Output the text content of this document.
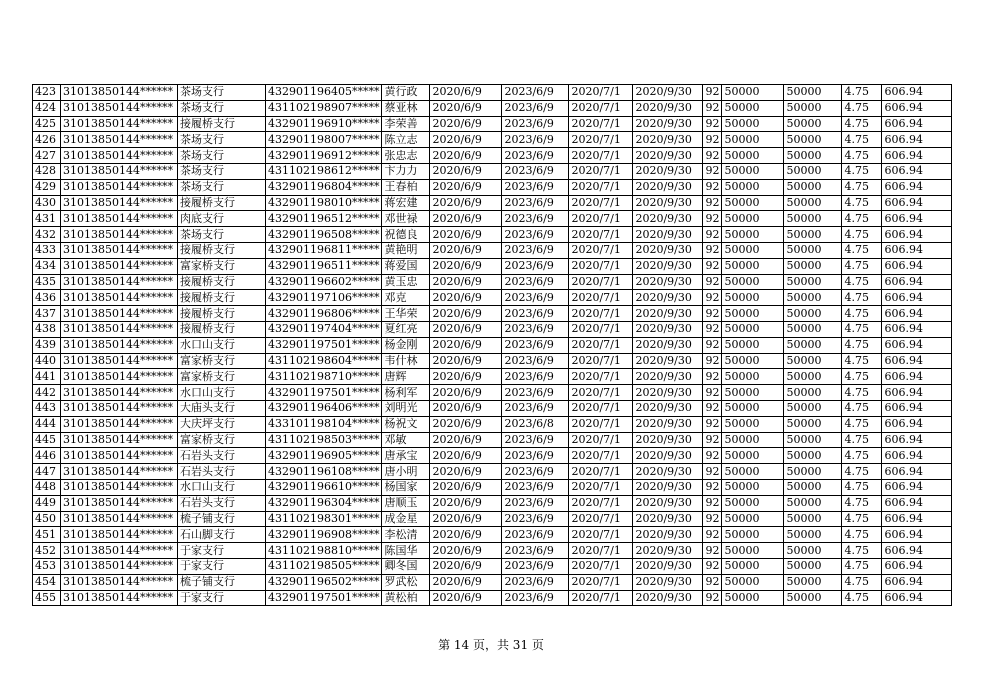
423	31013850144******	茶场支行	432901196405*****	黄行政	2020/6/9	2023/6/9	2020/7/1	2020/9/30	92	50000	50000	4.75	606.94
424	31013850144******	茶场支行	431102198907*****	蔡亚林	2020/6/9	2023/6/9	2020/7/1	2020/9/30	92	50000	50000	4.75	606.94
425	31013850144******	接履桥支行	432901196910*****	李荣善	2020/6/9	2023/6/9	2020/7/1	2020/9/30	92	50000	50000	4.75	606.94
426	31013850144******	茶场支行	432901198007*****	陈立志	2020/6/9	2023/6/9	2020/7/1	2020/9/30	92	50000	50000	4.75	606.94
427	31013850144******	茶场支行	432901196912*****	张忠志	2020/6/9	2023/6/9	2020/7/1	2020/9/30	92	50000	50000	4.75	606.94
428	31013850144******	茶场支行	431102198612*****	卞力力	2020/6/9	2023/6/9	2020/7/1	2020/9/30	92	50000	50000	4.75	606.94
429	31013850144******	茶场支行	432901196804*****	王春柏	2020/6/9	2023/6/9	2020/7/1	2020/9/30	92	50000	50000	4.75	606.94
430	31013850144******	接履桥支行	432901198010*****	蒋宏建	2020/6/9	2023/6/9	2020/7/1	2020/9/30	92	50000	50000	4.75	606.94
431	31013850144******	肉底支行	432901196512*****	邓世禄	2020/6/9	2023/6/9	2020/7/1	2020/9/30	92	50000	50000	4.75	606.94
432	31013850144******	茶场支行	432901196508*****	祝德良	2020/6/9	2023/6/9	2020/7/1	2020/9/30	92	50000	50000	4.75	606.94
433	31013850144******	接履桥支行	432901196811*****	黄艳明	2020/6/9	2023/6/9	2020/7/1	2020/9/30	92	50000	50000	4.75	606.94
434	31013850144******	富家桥支行	432901196511*****	蒋爱国	2020/6/9	2023/6/9	2020/7/1	2020/9/30	92	50000	50000	4.75	606.94
435	31013850144******	接履桥支行	432901196602*****	黄玉忠	2020/6/9	2023/6/9	2020/7/1	2020/9/30	92	50000	50000	4.75	606.94
436	31013850144******	接履桥支行	432901197106*****	邓克	2020/6/9	2023/6/9	2020/7/1	2020/9/30	92	50000	50000	4.75	606.94
437	31013850144******	接履桥支行	432901196806*****	王华荣	2020/6/9	2023/6/9	2020/7/1	2020/9/30	92	50000	50000	4.75	606.94
438	31013850144******	接履桥支行	432901197404*****	夏红亮	2020/6/9	2023/6/9	2020/7/1	2020/9/30	92	50000	50000	4.75	606.94
439	31013850144******	水口山支行	432901197501*****	杨金刚	2020/6/9	2023/6/9	2020/7/1	2020/9/30	92	50000	50000	4.75	606.94
440	31013850144******	富家桥支行	431102198604*****	韦什林	2020/6/9	2023/6/9	2020/7/1	2020/9/30	92	50000	50000	4.75	606.94
441	31013850144******	富家桥支行	431102198710*****	唐辉	2020/6/9	2023/6/9	2020/7/1	2020/9/30	92	50000	50000	4.75	606.94
442	31013850144******	水口山支行	432901197501*****	杨利军	2020/6/9	2023/6/9	2020/7/1	2020/9/30	92	50000	50000	4.75	606.94
443	31013850144******	大庙头支行	432901196406*****	刘明光	2020/6/9	2023/6/9	2020/7/1	2020/9/30	92	50000	50000	4.75	606.94
444	31013850144******	大庆坪支行	433101198104*****	杨祝文	2020/6/9	2023/6/8	2020/7/1	2020/9/30	92	50000	50000	4.75	606.94
445	31013850144******	富家桥支行	431102198503*****	邓敏	2020/6/9	2023/6/9	2020/7/1	2020/9/30	92	50000	50000	4.75	606.94
446	31013850144******	石岩头支行	432901196905*****	唐承宝	2020/6/9	2023/6/9	2020/7/1	2020/9/30	92	50000	50000	4.75	606.94
447	31013850144******	石岩头支行	432901196108*****	唐小明	2020/6/9	2023/6/9	2020/7/1	2020/9/30	92	50000	50000	4.75	606.94
448	31013850144******	水口山支行	432901196610*****	杨国家	2020/6/9	2023/6/9	2020/7/1	2020/9/30	92	50000	50000	4.75	606.94
449	31013850144******	石岩头支行	432901196304*****	唐顺玉	2020/6/9	2023/6/9	2020/7/1	2020/9/30	92	50000	50000	4.75	606.94
450	31013850144******	梳子铺支行	431102198301*****	成金星	2020/6/9	2023/6/9	2020/7/1	2020/9/30	92	50000	50000	4.75	606.94
451	31013850144******	石山脚支行	432901196908*****	李松清	2020/6/9	2023/6/9	2020/7/1	2020/9/30	92	50000	50000	4.75	606.94
452	31013850144******	于家支行	431102198810*****	陈国华	2020/6/9	2023/6/9	2020/7/1	2020/9/30	92	50000	50000	4.75	606.94
453	31013850144******	于家支行	431102198505*****	卿冬国	2020/6/9	2023/6/9	2020/7/1	2020/9/30	92	50000	50000	4.75	606.94
454	31013850144******	梳子铺支行	432901196502*****	罗武松	2020/6/9	2023/6/9	2020/7/1	2020/9/30	92	50000	50000	4.75	606.94
455	31013850144******	于家支行	432901197501*****	黄松柏	2020/6/9	2023/6/9	2020/7/1	2020/9/30	92	50000	50000	4.75	606.94
第 14 页，共 31 页
